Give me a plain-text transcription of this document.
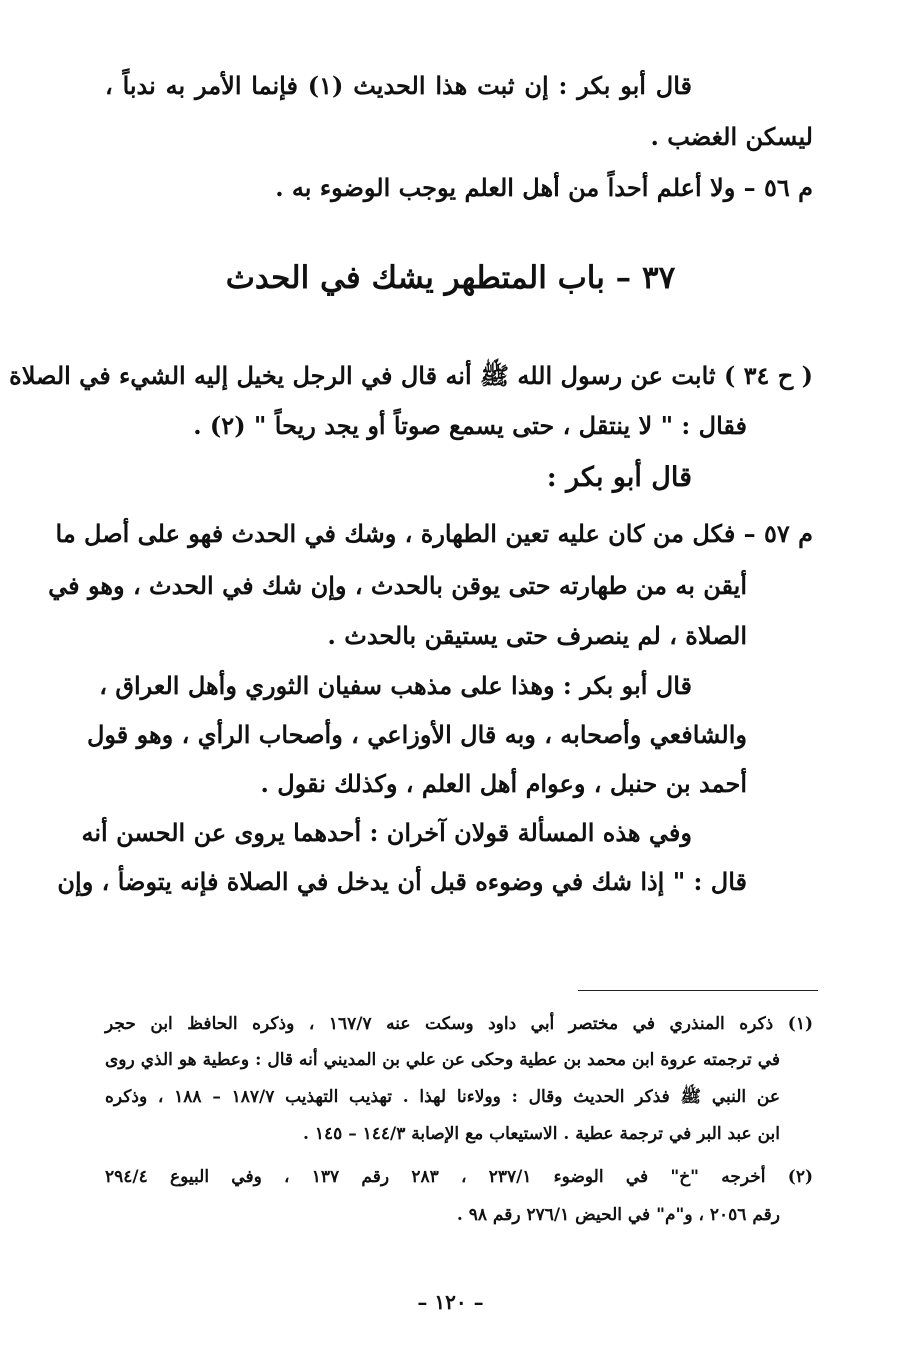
قال أبو بكر : إن ثبت هذا الحديث (١) فإنما الأمر به ندباً ،
ليسكن الغضب .
م ٥٦ – ولا أعلم أحداً من أهل العلم يوجب الوضوء به .
٣٧ – باب المتطهر يشك في الحدث
( ح ٣٤ ) ثابت عن رسول الله ﷺ أنه قال في الرجل يخيل إليه الشيء في الصلاة
فقال : " لا ينتقل ، حتى يسمع صوتاً أو يجد ريحاً " (٢) .
قال أبو بكر :
م ٥٧ – فكل من كان عليه تعين الطهارة ، وشك في الحدث فهو على أصل ما
أيقن به من طهارته حتى يوقن بالحدث ، وإن شك في الحدث ، وهو في
الصلاة ، لم ينصرف حتى يستيقن بالحدث .
قال أبو بكر : وهذا على مذهب سفيان الثوري وأهل العراق ،
والشافعي وأصحابه ، وبه قال الأوزاعي ، وأصحاب الرأي ، وهو قول
أحمد بن حنبل ، وعوام أهل العلم ، وكذلك نقول .
وفي هذه المسألة قولان آخران : أحدهما يروى عن الحسن أنه
قال : " إذا شك في وضوءه قبل أن يدخل في الصلاة فإنه يتوضأ ، وإن
(١) ذكره المنذري في مختصر أبي داود وسكت عنه ١٦٧/٧ ، وذكره الحافظ ابن حجر
في ترجمته عروة ابن محمد بن عطية وحكى عن علي بن المديني أنه قال : وعطية هو الذي روى
عن النبي ﷺ فذكر الحديث وقال : وولاءنا لهذا . تهذيب التهذيب ١٨٧/٧ – ١٨٨ ، وذكره
ابن عبد البر في ترجمة عطية . الاستيعاب مع الإصابة ١٤٤/٣ – ١٤٥ .
(٢) أخرجه "خ" في الوضوء ٢٣٧/١ ، ٢٨٣ رقم ١٣٧ ، وفي البيوع ٢٩٤/٤
رقم ٢٠٥٦ ، و"م" في الحيض ٢٧٦/١ رقم ٩٨ .
– ١٢٠ –
